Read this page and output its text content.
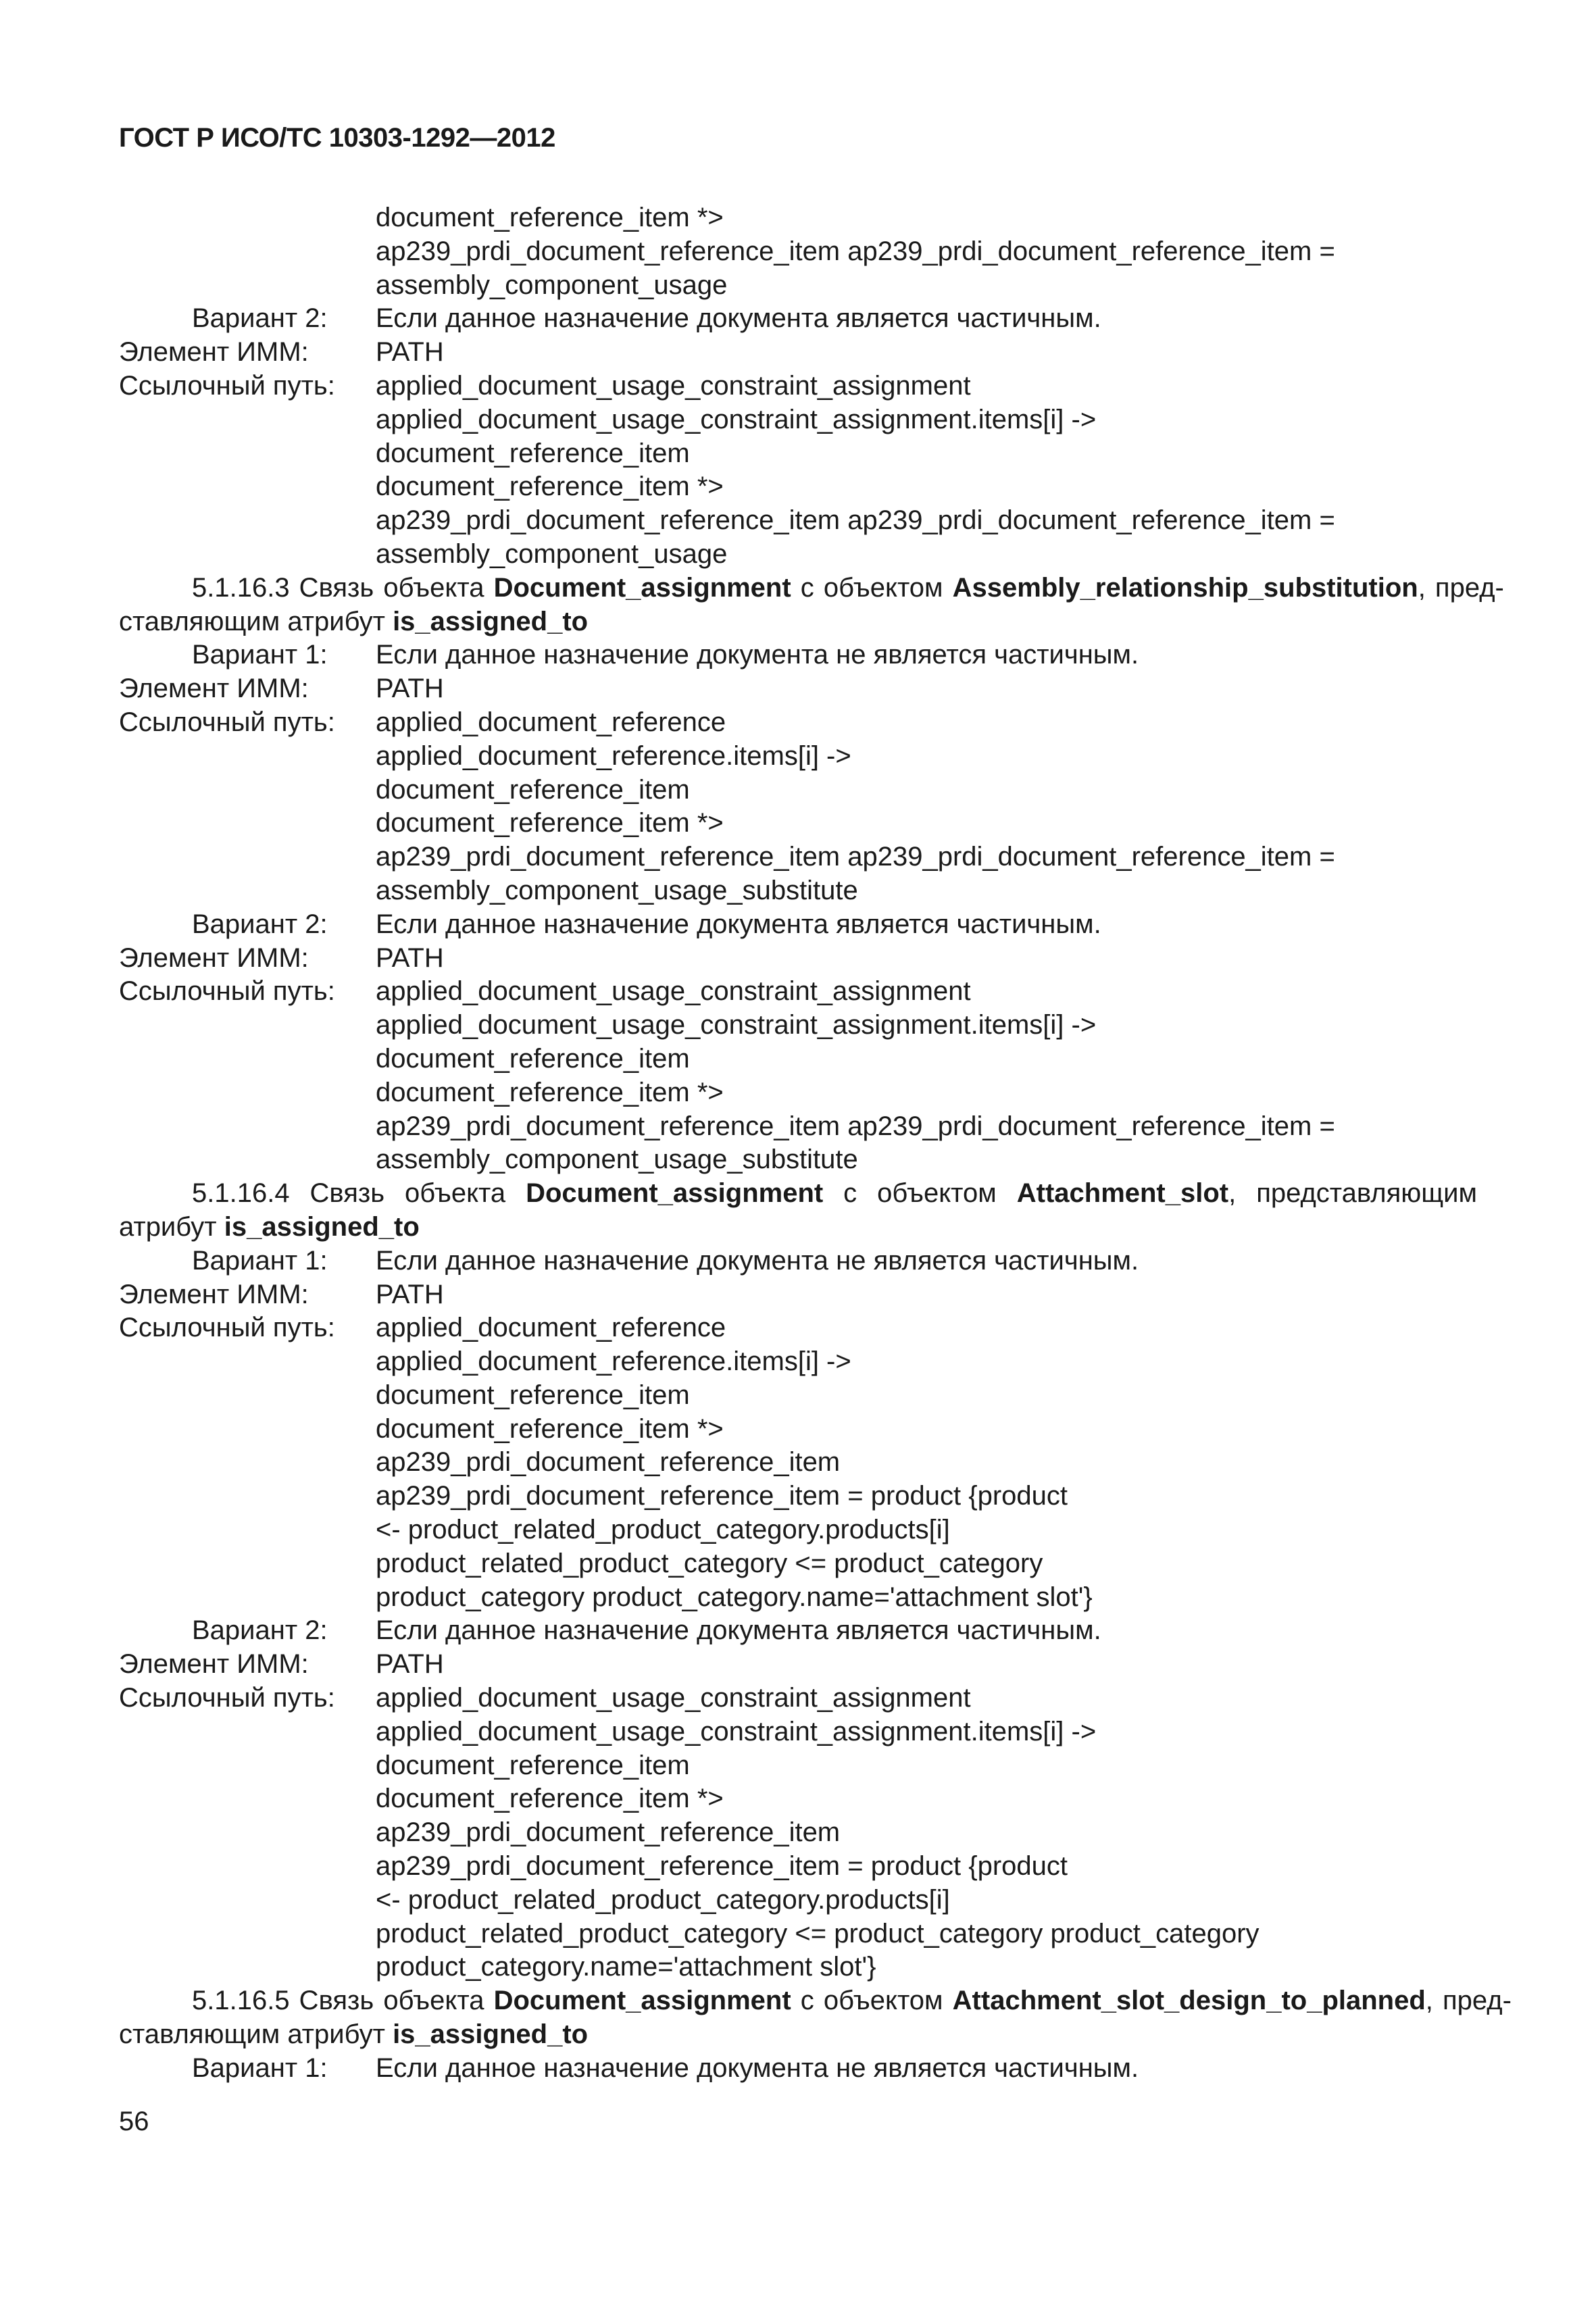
ГОСТ Р ИСО/ТС 10303-1292—2012
document_reference_item *>
ap239_prdi_document_reference_item ap239_prdi_document_reference_item =
assembly_component_usage
Вариант 2:	Если данное назначение документа является частичным.
Элемент ИММ:	PATH
Ссылочный путь:	applied_document_usage_constraint_assignment
applied_document_usage_constraint_assignment.items[i] ->
document_reference_item
document_reference_item *>
ap239_prdi_document_reference_item ap239_prdi_document_reference_item =
assembly_component_usage
5.1.16.3 Связь объекта Document_assignment с объектом Assembly_relationship_substitution, пред-
ставляющим атрибут is_assigned_to
Вариант 1:	Если данное назначение документа не является частичным.
Элемент ИММ:	PATH
Ссылочный путь:	applied_document_reference
applied_document_reference.items[i] ->
document_reference_item
document_reference_item *>
ap239_prdi_document_reference_item ap239_prdi_document_reference_item =
assembly_component_usage_substitute
Вариант 2:	Если данное назначение документа является частичным.
Элемент ИММ:	PATH
Ссылочный путь:	applied_document_usage_constraint_assignment
applied_document_usage_constraint_assignment.items[i] ->
document_reference_item
document_reference_item *>
ap239_prdi_document_reference_item ap239_prdi_document_reference_item =
assembly_component_usage_substitute
5.1.16.4 Связь объекта Document_assignment с объектом Attachment_slot, представляющим
атрибут is_assigned_to
Вариант 1:	Если данное назначение документа не является частичным.
Элемент ИММ:	PATH
Ссылочный путь:	applied_document_reference
applied_document_reference.items[i] ->
document_reference_item
document_reference_item *>
ap239_prdi_document_reference_item
ap239_prdi_document_reference_item = product {product
<- product_related_product_category.products[i]
product_related_product_category <= product_category
product_category product_category.name='attachment slot'}
Вариант 2:	Если данное назначение документа является частичным.
Элемент ИММ:	PATH
Ссылочный путь:	applied_document_usage_constraint_assignment
applied_document_usage_constraint_assignment.items[i] ->
document_reference_item
document_reference_item *>
ap239_prdi_document_reference_item
ap239_prdi_document_reference_item = product {product
<- product_related_product_category.products[i]
product_related_product_category <= product_category product_category
product_category.name='attachment slot'}
5.1.16.5 Связь объекта Document_assignment с объектом Attachment_slot_design_to_planned, пред-
ставляющим атрибут is_assigned_to
Вариант 1:	Если данное назначение документа не является частичным.
56
